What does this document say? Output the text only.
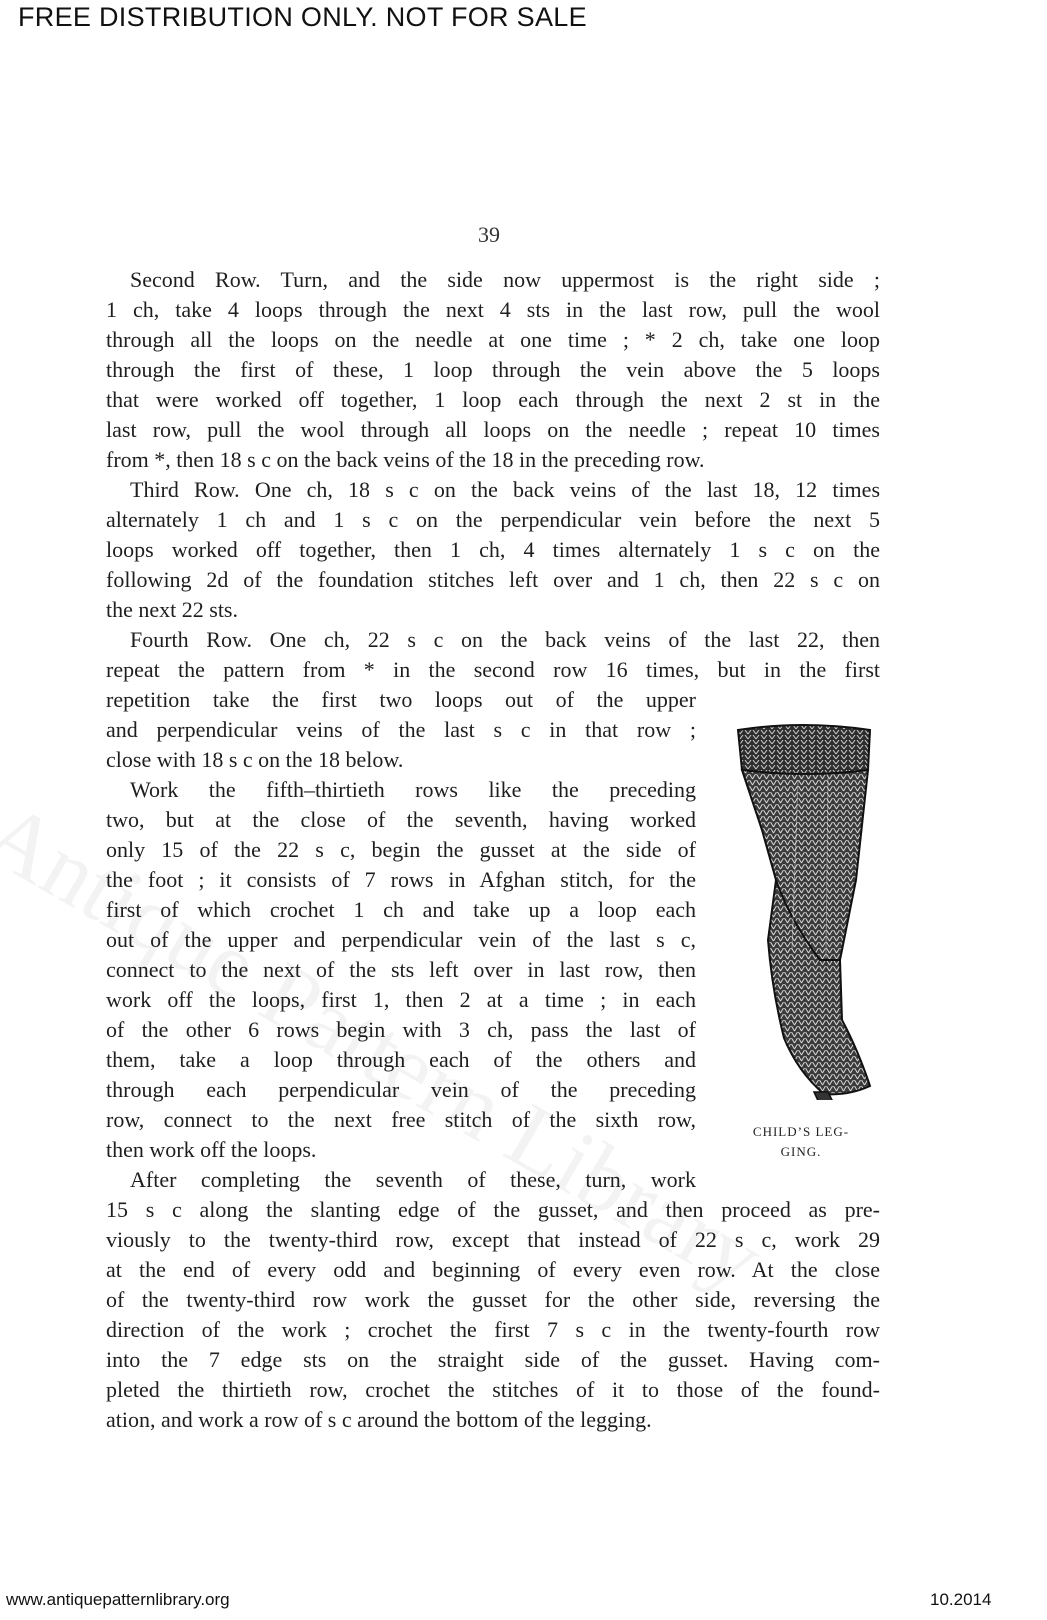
FREE DISTRIBUTION ONLY. NOT FOR SALE
39

Second Row. Turn, and the side now uppermost is the right side ;

1 ch, take 4 loops through the next 4 sts in the last row, pull the wool

through all the loops on the needle at one time ; * 2 ch, take one loop

through the first of these, 1 loop through the vein above the 5 loops

that were worked off together, 1 loop each through the next 2 st in the

last row, pull the wool through all loops on the needle ; repeat 10 times

from *, then 18 s c on the back veins of the 18 in the preceding row.

Third Row. One ch, 18 s c on the back veins of the last 18, 12 times

alternately 1 ch and 1 s c on the perpendicular vein before the next 5

loops worked off together, then 1 ch, 4 times alternately 1 s c on the

following 2d of the foundation stitches left over and 1 ch, then 22 s c on

the next 22 sts.

Fourth Row. One ch, 22 s c on the back veins of the last 22, then

repeat the pattern from * in the second row 16 times, but in the first

repetition take the first two loops out of the upper

and perpendicular veins of the last s c in that row ;

close with 18 s c on the 18 below.

Work the fifth–thirtieth rows like the preceding

two, but at the close of the seventh, having worked

only 15 of the 22 s c, begin the gusset at the side of

the foot ; it consists of 7 rows in Afghan stitch, for the

first of which crochet 1 ch and take up a loop each

out of the upper and perpendicular vein of the last s c,

connect to the next of the sts left over in last row, then

work off the loops, first 1, then 2 at a time ; in each

of the other 6 rows begin with 3 ch, pass the last of

them, take a loop through each of the others and

through each perpendicular vein of the preceding

row, connect to the next free stitch of the sixth row,

then work off the loops.

After completing the seventh of these, turn, work

15 s c along the slanting edge of the gusset, and then proceed as pre-

viously to the twenty-third row, except that instead of 22 s c, work 29

at the end of every odd and beginning of every even row. At the close

of the twenty-third row work the gusset for the other side, reversing the

direction of the work ; crochet the first 7 s c in the twenty-fourth row

into the 7 edge sts on the straight side of the gusset. Having com-

pleted the thirtieth row, crochet the stitches of it to those of the found-

ation, and work a row of s c around the bottom of the legging.

CHILD’S LEG-
GING.
www.antiquepatternlibrary.org	10.2014
